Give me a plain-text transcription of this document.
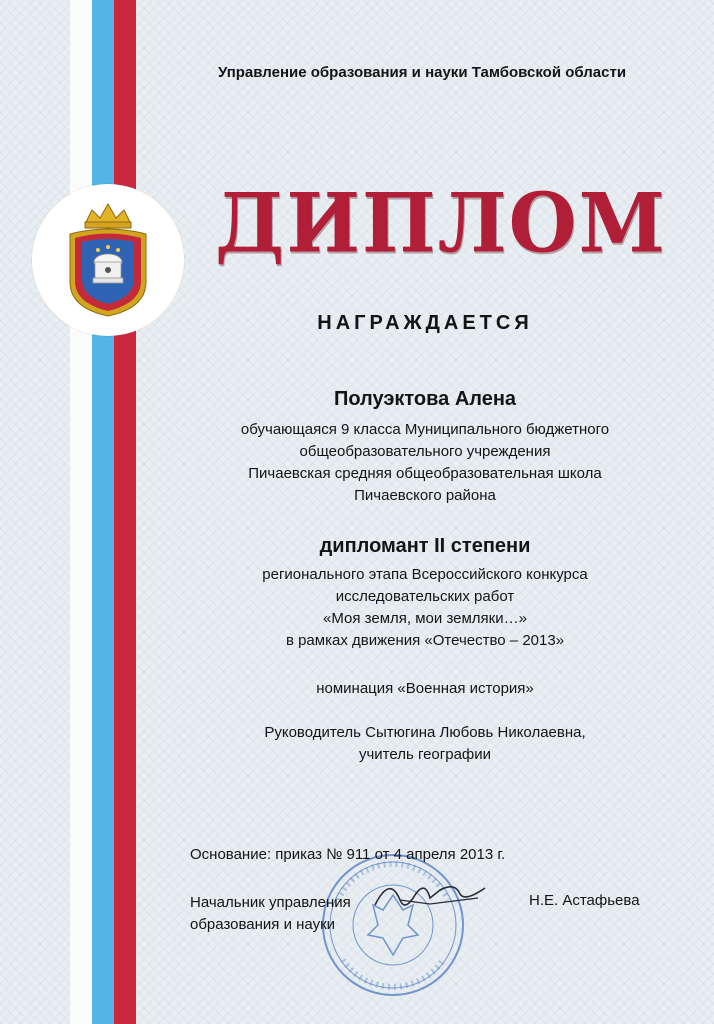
Управление образования и науки Тамбовской области
ДИПЛОМ
НАГРАЖДАЕТСЯ
Полуэктова Алена
обучающаяся 9 класса Муниципального бюджетного
общеобразовательного учреждения
Пичаевская средняя общеобразовательная школа
Пичаевского района
дипломант II степени
регионального этапа Всероссийского конкурса
исследовательских работ
«Моя земля, мои земляки…»
в рамках движения «Отечество – 2013»
номинация «Военная история»
Руководитель Сытюгина Любовь Николаевна,
учитель географии
Основание: приказ № 911 от 4 апреля 2013 г.
Начальник управления
образования и науки
Н.Е. Астафьева
